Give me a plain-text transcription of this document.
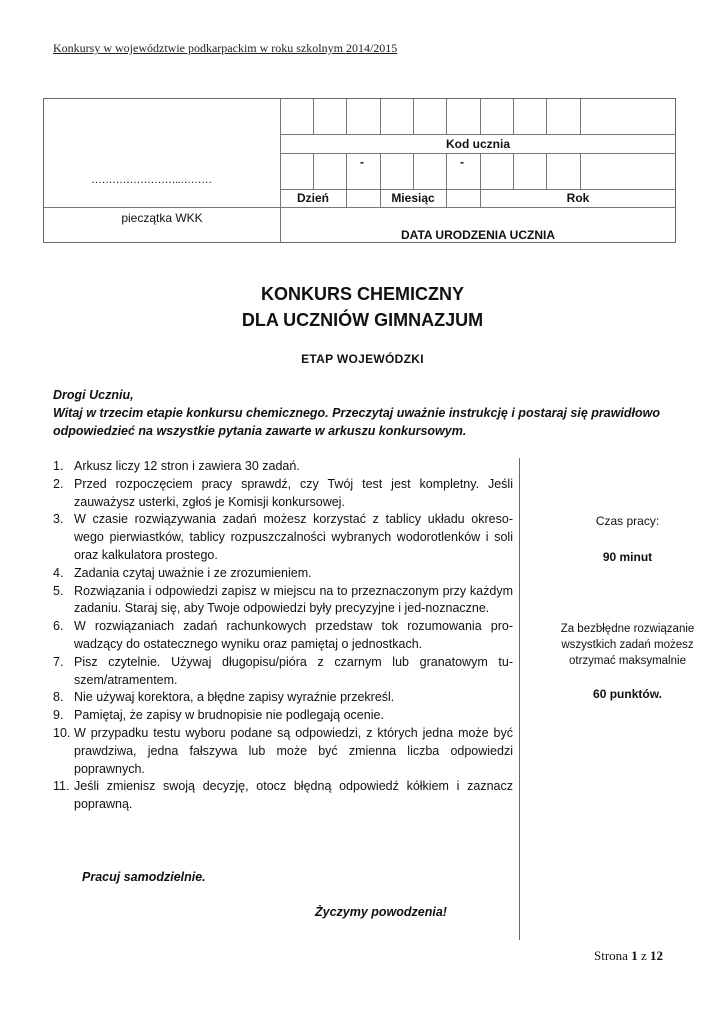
Konkursy w województwie podkarpackim w roku szkolnym 2014/2015
Kod ucznia
-	-
Dzień	Miesiąc	Rok
……………………..………
pieczątka WKK
DATA URODZENIA UCZNIA
KONKURS CHEMICZNY
DLA UCZNIÓW GIMNAZJUM
ETAP WOJEWÓDZKI
Drogi Uczniu,
Witaj w trzecim etapie konkursu chemicznego. Przeczytaj uważnie instrukcję i postaraj się prawidłowo odpowiedzieć na wszystkie pytania zawarte w arkuszu konkursowym.
1. Arkusz liczy 12 stron i zawiera 30 zadań.
2. Przed rozpoczęciem pracy sprawdź, czy Twój test jest kompletny. Jeśli zauważysz usterki, zgłoś je Komisji konkursowej.
3. W czasie rozwiązywania zadań możesz korzystać z tablicy układu okreso-wego pierwiastków, tablicy rozpuszczalności wybranych wodorotlenków i soli oraz kalkulatora prostego.
4. Zadania czytaj uważnie i ze zrozumieniem.
5. Rozwiązania i odpowiedzi zapisz w miejscu na to przeznaczonym przy każdym zadaniu. Staraj się, aby Twoje odpowiedzi były precyzyjne i jed-noznaczne.
6. W rozwiązaniach zadań rachunkowych przedstaw tok rozumowania pro-wadzący do ostatecznego wyniku oraz pamiętaj o jednostkach.
7. Pisz czytelnie. Używaj długopisu/pióra z czarnym lub granatowym tu-szem/atramentem.
8. Nie używaj korektora, a błędne zapisy wyraźnie przekreśl.
9. Pamiętaj, że zapisy w brudnopisie nie podlegają ocenie.
10. W przypadku testu wyboru podane są odpowiedzi, z których jedna może być prawdziwa, jedna fałszywa lub może być zmienna liczba odpowiedzi poprawnych.
11. Jeśli zmienisz swoją decyzję, otocz błędną odpowiedź kółkiem i zaznacz poprawną.
Czas pracy:
90 minut
Za bezbłędne rozwiązanie
wszystkich zadań możesz
otrzymać maksymalnie
60 punktów.
Pracuj samodzielnie.
Życzymy powodzenia!
Strona 1 z 12
